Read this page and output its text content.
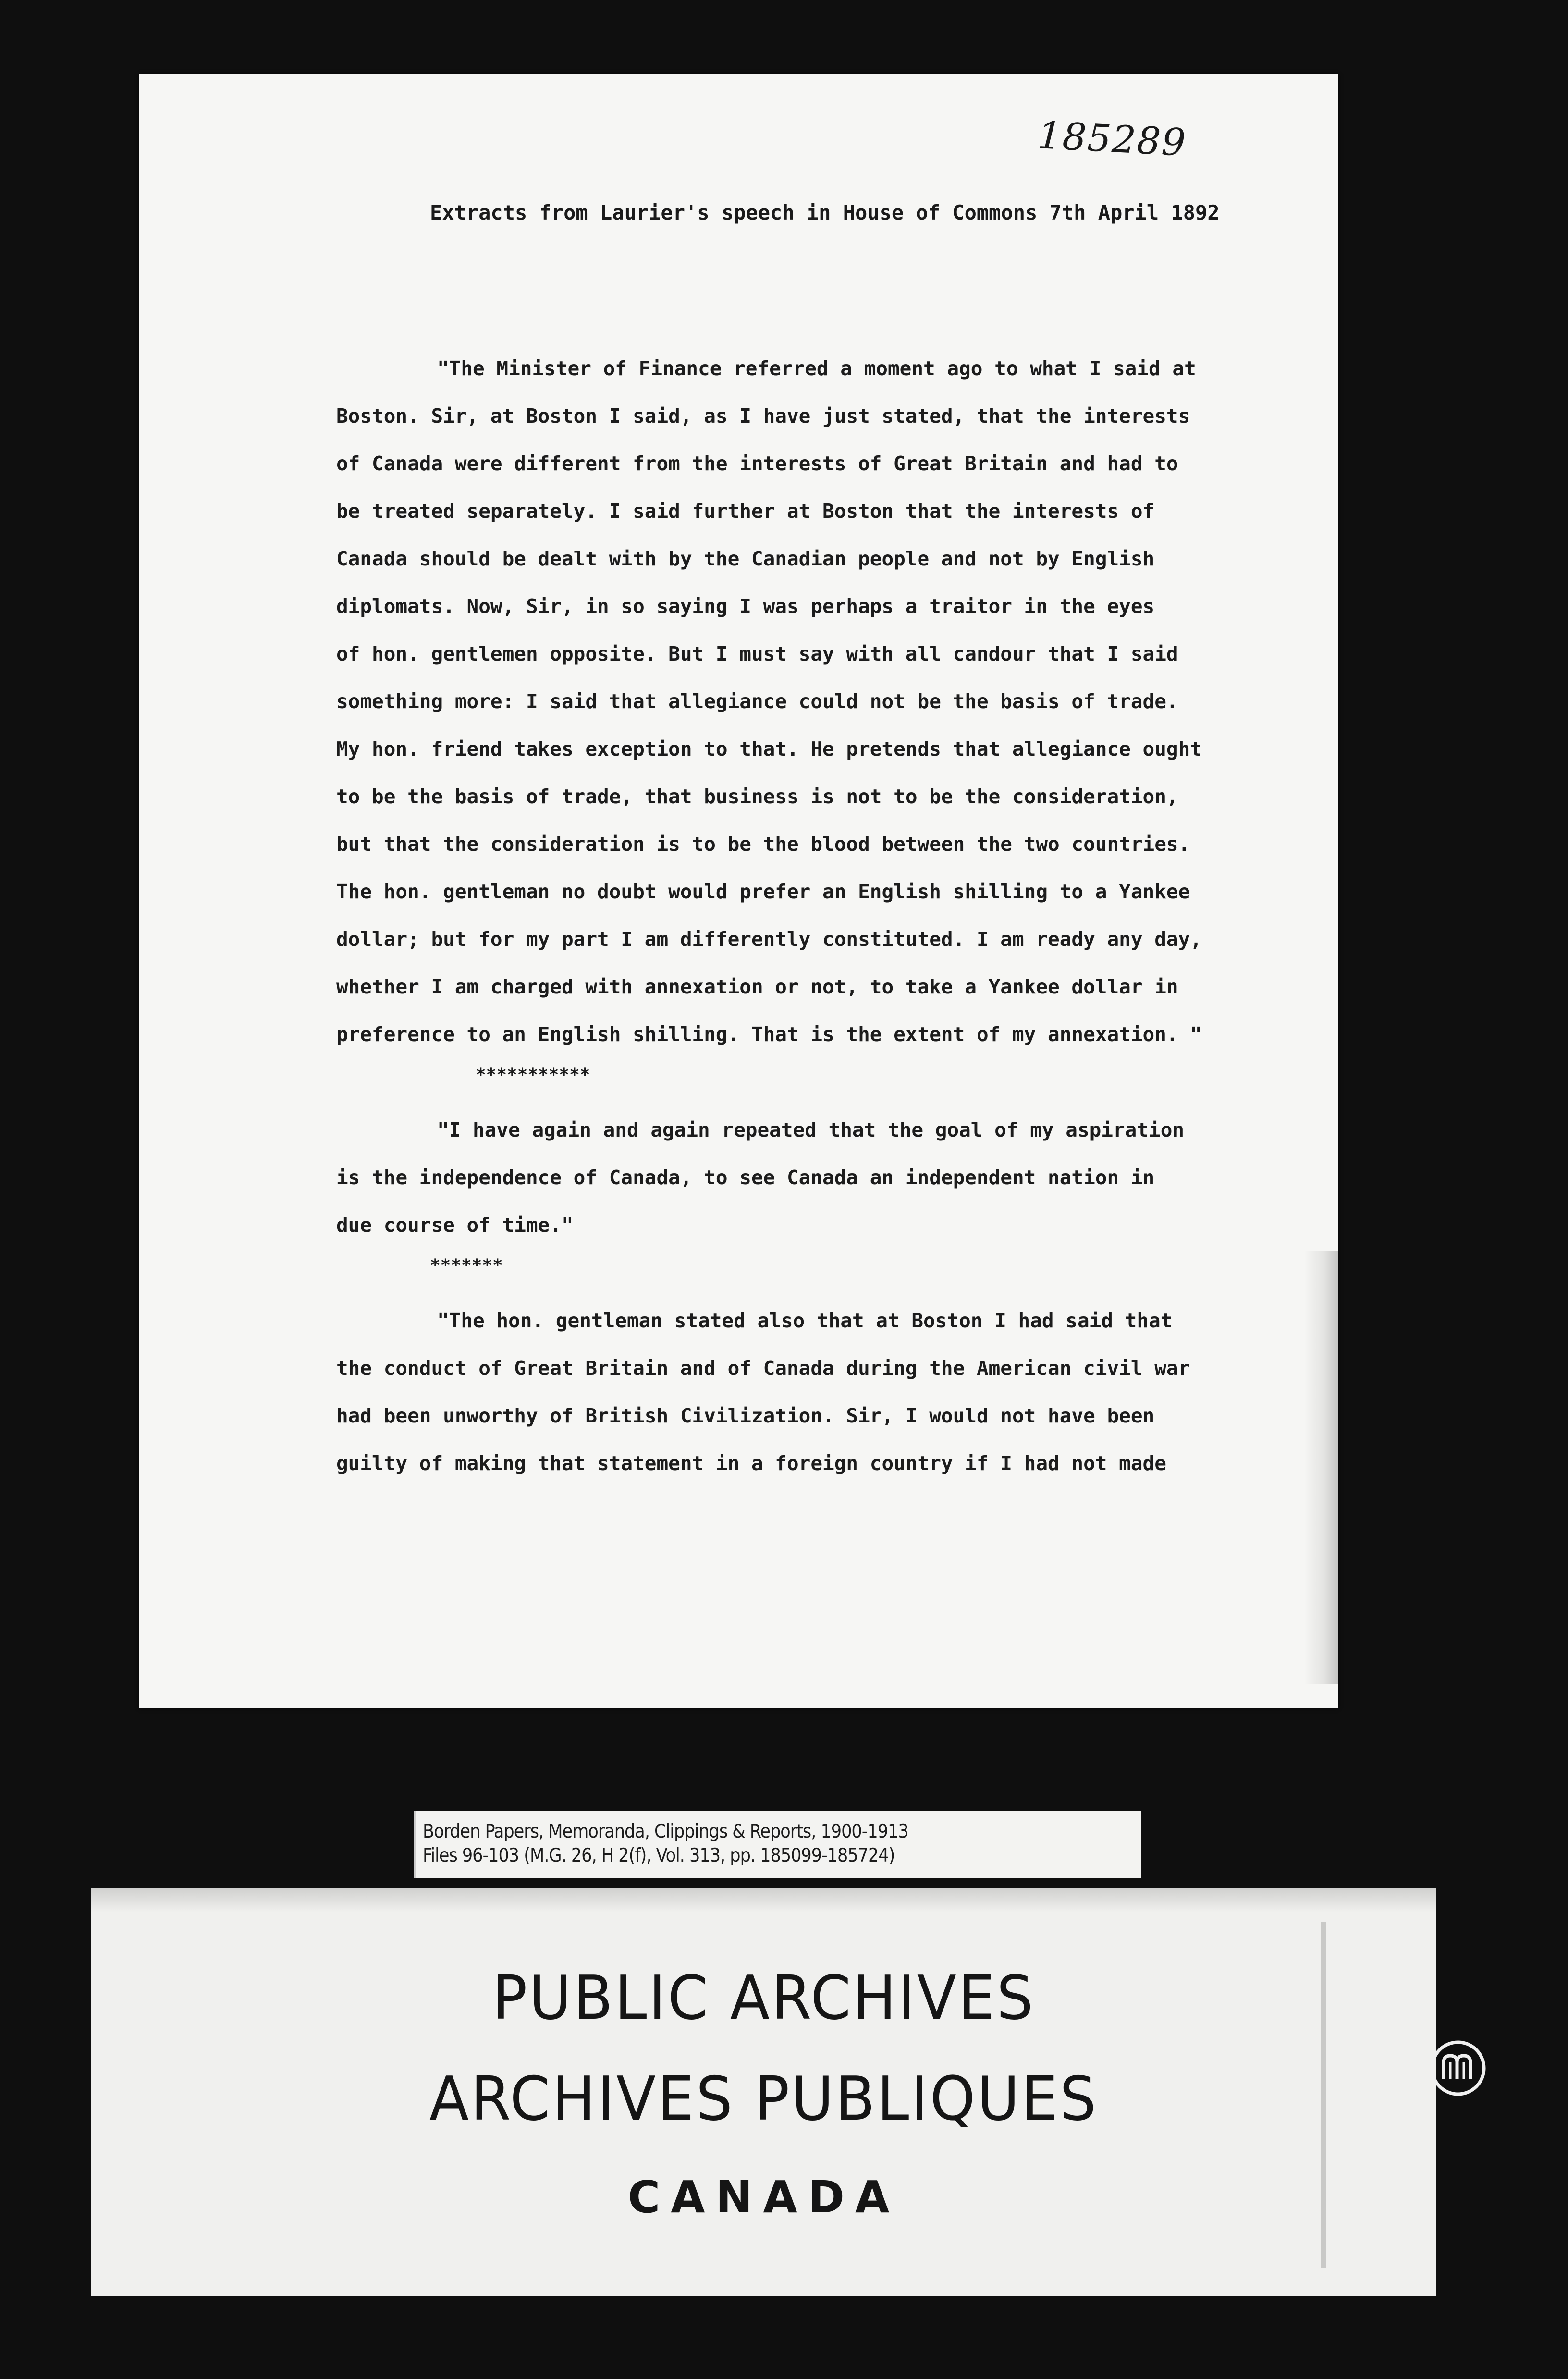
185289
Extracts from Laurier's speech in House of Commons 7th April 1892
"The Minister of Finance referred a moment ago to what I said at
Boston. Sir, at Boston I said, as I have just stated, that the interests
of Canada were different from the interests of Great Britain and had to
be treated separately. I said further at Boston that the interests of
Canada should be dealt with by the Canadian people and not by English
diplomats. Now, Sir, in so saying I was perhaps a traitor in the eyes
of hon. gentlemen opposite. But I must say with all candour that I said
something more: I said that allegiance could not be the basis of trade.
My hon. friend takes exception to that. He pretends that allegiance ought
to be the basis of trade, that business is not to be the consideration,
but that the consideration is to be the blood between the two countries.
The hon. gentleman no doubt would prefer an English shilling to a Yankee
dollar; but for my part I am differently constituted. I am ready any day,
whether I am charged with annexation or not, to take a Yankee dollar in
preference to an English shilling. That is the extent of my annexation. "
***********
"I have again and again repeated that the goal of my aspiration
is the independence of Canada, to see Canada an independent nation in
due course of time."
*******
"The hon. gentleman stated also that at Boston I had said that
the conduct of Great Britain and of Canada during the American civil war
had been unworthy of British Civilization. Sir, I would not have been
guilty of making that statement in a foreign country if I had not made
Borden Papers, Memoranda, Clippings & Reports, 1900-1913
Files 96-103 (M.G. 26, H 2(f), Vol. 313, pp. 185099-185724)
PUBLIC ARCHIVES
ARCHIVES PUBLIQUES
CANADA
